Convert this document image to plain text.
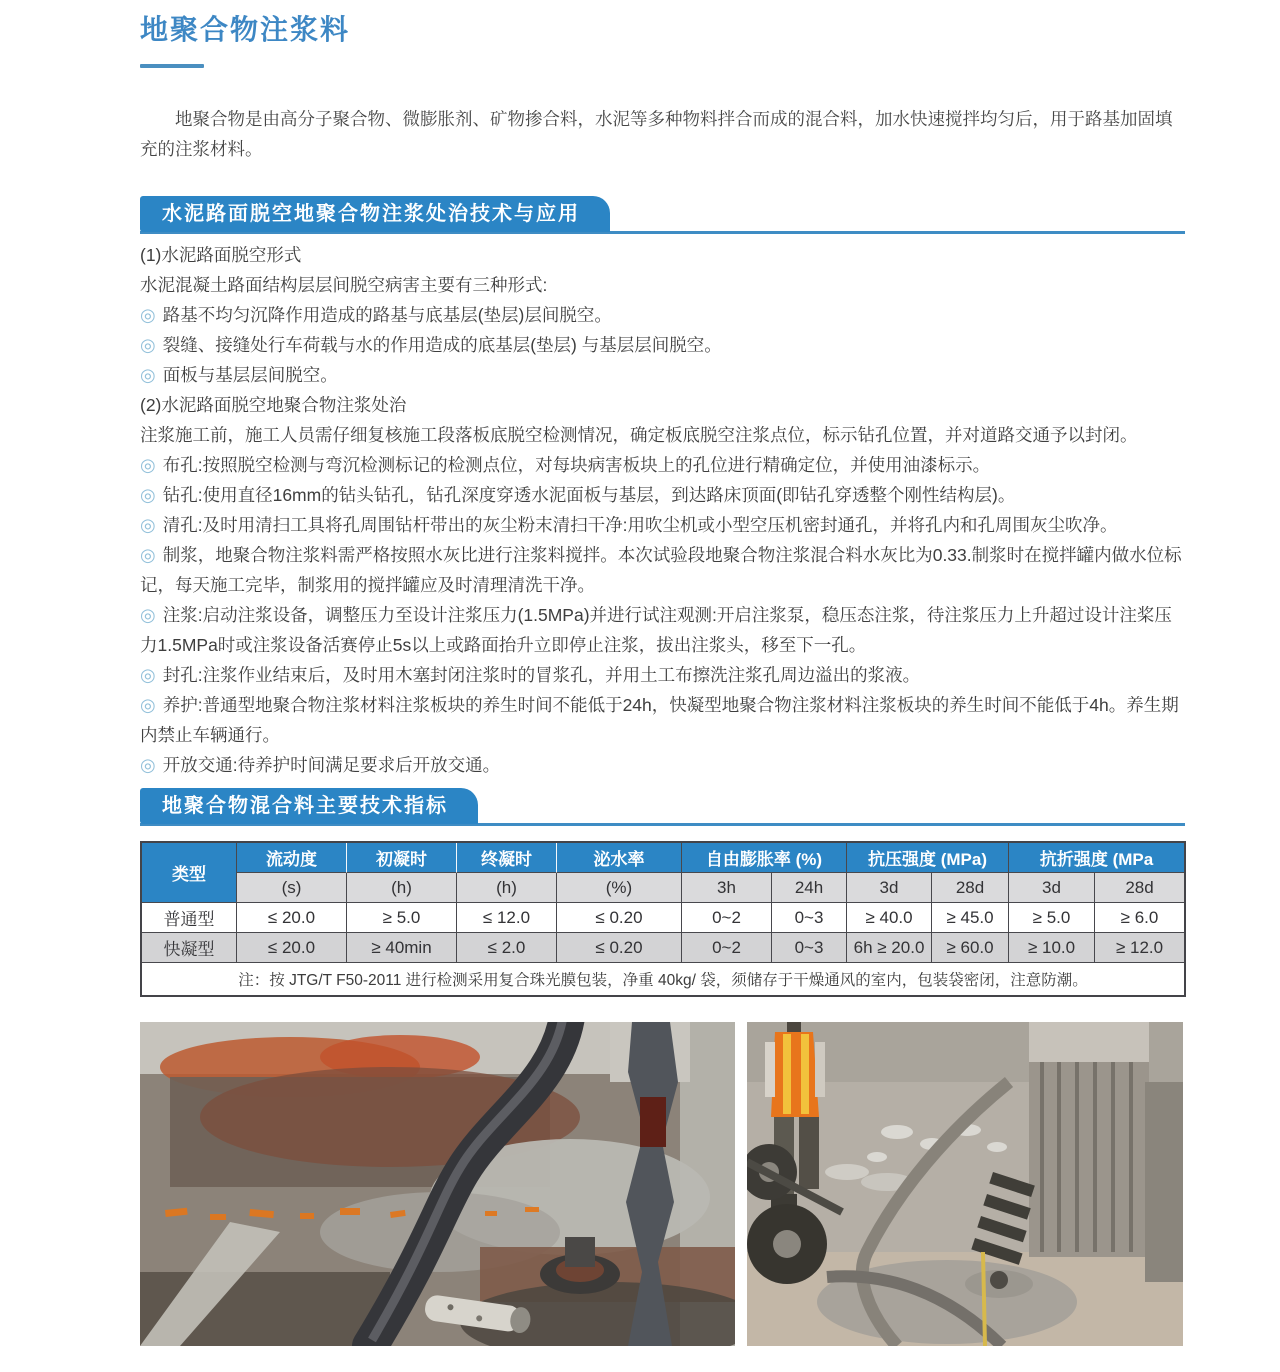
地聚合物注浆料
地聚合物是由高分子聚合物、微膨胀剂、矿物掺合料，水泥等多种物料拌合而成的混合料，加水快速搅拌均匀后，用于路基加固填充的注浆材料。
水泥路面脱空地聚合物注浆处治技术与应用

(1)水泥路面脱空形式

水泥混凝土路面结构层层间脱空病害主要有三种形式:

◎ 路基不均匀沉降作用造成的路基与底基层(垫层)层间脱空。

◎ 裂缝、接缝处行车荷载与水的作用造成的底基层(垫层) 与基层层间脱空。

◎ 面板与基层层间脱空。

(2)水泥路面脱空地聚合物注浆处治

注浆施工前，施工人员需仔细复核施工段落板底脱空检测情况，确定板底脱空注浆点位，标示钻孔位置，并对道路交通予以封闭。

◎ 布孔:按照脱空检测与弯沉检测标记的检测点位，对每块病害板块上的孔位进行精确定位，并使用油漆标示。

◎ 钻孔:使用直径16mm的钻头钻孔，钻孔深度穿透水泥面板与基层，到达路床顶面(即钻孔穿透整个刚性结构层)。

◎ 清孔:及时用清扫工具将孔周围钻杆带出的灰尘粉末清扫干净:用吹尘机或小型空压机密封通孔，并将孔内和孔周围灰尘吹净。

◎ 制浆，地聚合物注浆料需严格按照水灰比进行注浆料搅拌。本次试验段地聚合物注浆混合料水灰比为0.33.制浆时在搅拌罐内做水位标记，每天施工完毕，制浆用的搅拌罐应及时清理清洗干净。

◎ 注浆:启动注浆设备，调整压力至设计注浆压力(1.5MPa)并进行试注观测:开启注浆泵，稳压态注浆，待注浆压力上升超过设计注桨压力1.5MPa时或注浆设备活赛停止5s以上或路面抬升立即停止注浆，拔出注浆头，移至下一孔。

◎ 封孔:注浆作业结束后，及时用木塞封闭注浆时的冒浆孔，并用土工布擦洗注浆孔周边溢出的浆液。

◎ 养护:普通型地聚合物注浆材料注浆板块的养生时间不能低于24h，快凝型地聚合物注浆材料注浆板块的养生时间不能低于4h。养生期内禁止车辆通行。

◎ 开放交通:待养护时间满足要求后开放交通。

地聚合物混合料主要技术指标
类型	流动度	初凝时	终凝时	泌水率	自由膨胀率 (%)		抗压强度 (MPa)		抗折强度 (MPa	
	(s)	(h)	(h)	(%)	3h	24h	3d	28d	3d	28d
普通型	≤ 20.0	≥ 5.0	≤ 12.0	≤ 0.20	0~2	0~3	≥ 40.0	≥ 45.0	≥ 5.0	≥ 6.0
快凝型	≤ 20.0	≥ 40min	≤ 2.0	≤ 0.20	0~2	0~3	6h ≥ 20.0	≥ 60.0	≥ 10.0	≥ 12.0
注：按 JTG/T F50-2011 进行检测采用复合珠光膜包装，净重 40kg/ 袋，须储存于干燥通风的室内，包装袋密闭，注意防潮。										
